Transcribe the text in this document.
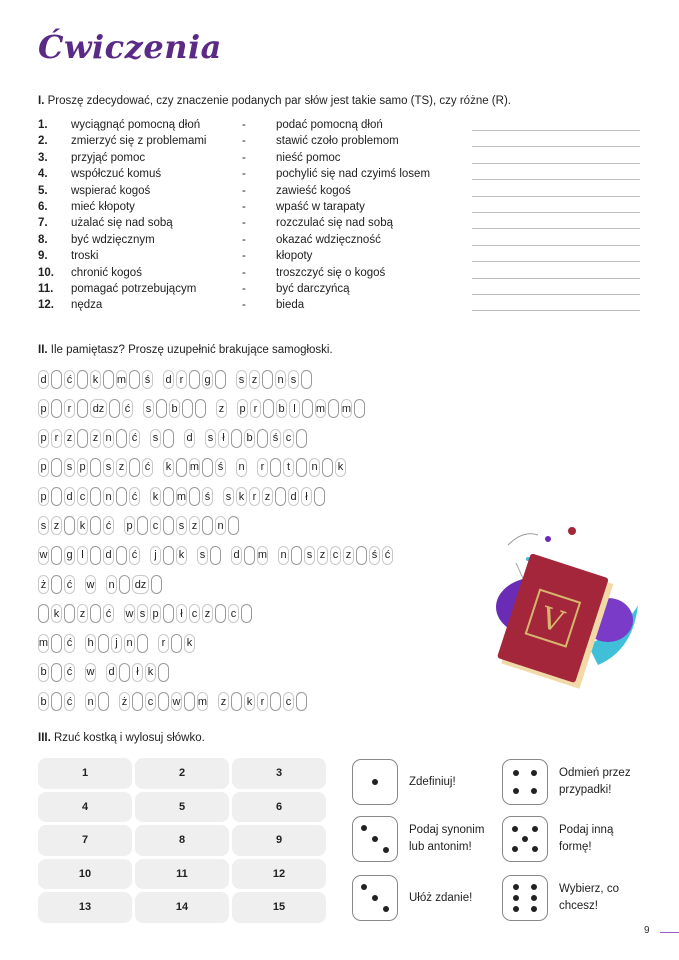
Ćwiczenia
I. Proszę zdecydować, czy znaczenie podanych par słów jest takie samo (TS), czy różne (R).
1. wyciągnąć pomocną dłoń	-	podać pomocną dłoń
2. zmierzyć się z problemami	-	stawić czoło problemom
3. przyjąć pomoc	-	nieść pomoc
4. współczuć komuś	-	pochylić się nad czyimś losem
5. wspierać kogoś	-	zawieść kogoś
6. mieć kłopoty	-	wpaść w tarapaty
7. użalać się nad sobą	-	rozczulać się nad sobą
8. być wdzięcznym	-	okazać wdzięczność
9. troski	-	kłopoty
10. chronić kogoś	-	troszczyć się o kogoś
11. pomagać potrzebującym	-	być darczyńcą
12. nędza	-	bieda
II. Ile pamiętasz? Proszę uzupełnić brakujące samogłoski.
d ć k m ś d r	g	s z n s
p	r	dz ć s b	z p r	b l	m m
p r z z n ć s	d s ł	b ś c
p s p s z ć k m ś n	r	t	n k
p d c n ć k m ś s k r z d ł
s z k ć p c s z n
w g l	d ć	j	k s	d m n s z c z ś ć
ż ć w n dz
k z ć w s p	ł c z c
m ć h	j n	r	k
b ć w d	ł k
b ć n	ż c w m z k r	c
V
III. Rzuć kostką i wylosuj słówko.
1	2	3
4	5	6
7	8	9
10	11	12
13	14	15
Zdefiniuj!
Odmień przez przypadki!
Podaj synonim lub antonim!
Podaj inną formę!
Ułóż zdanie!
Wybierz, co chcesz!
9
